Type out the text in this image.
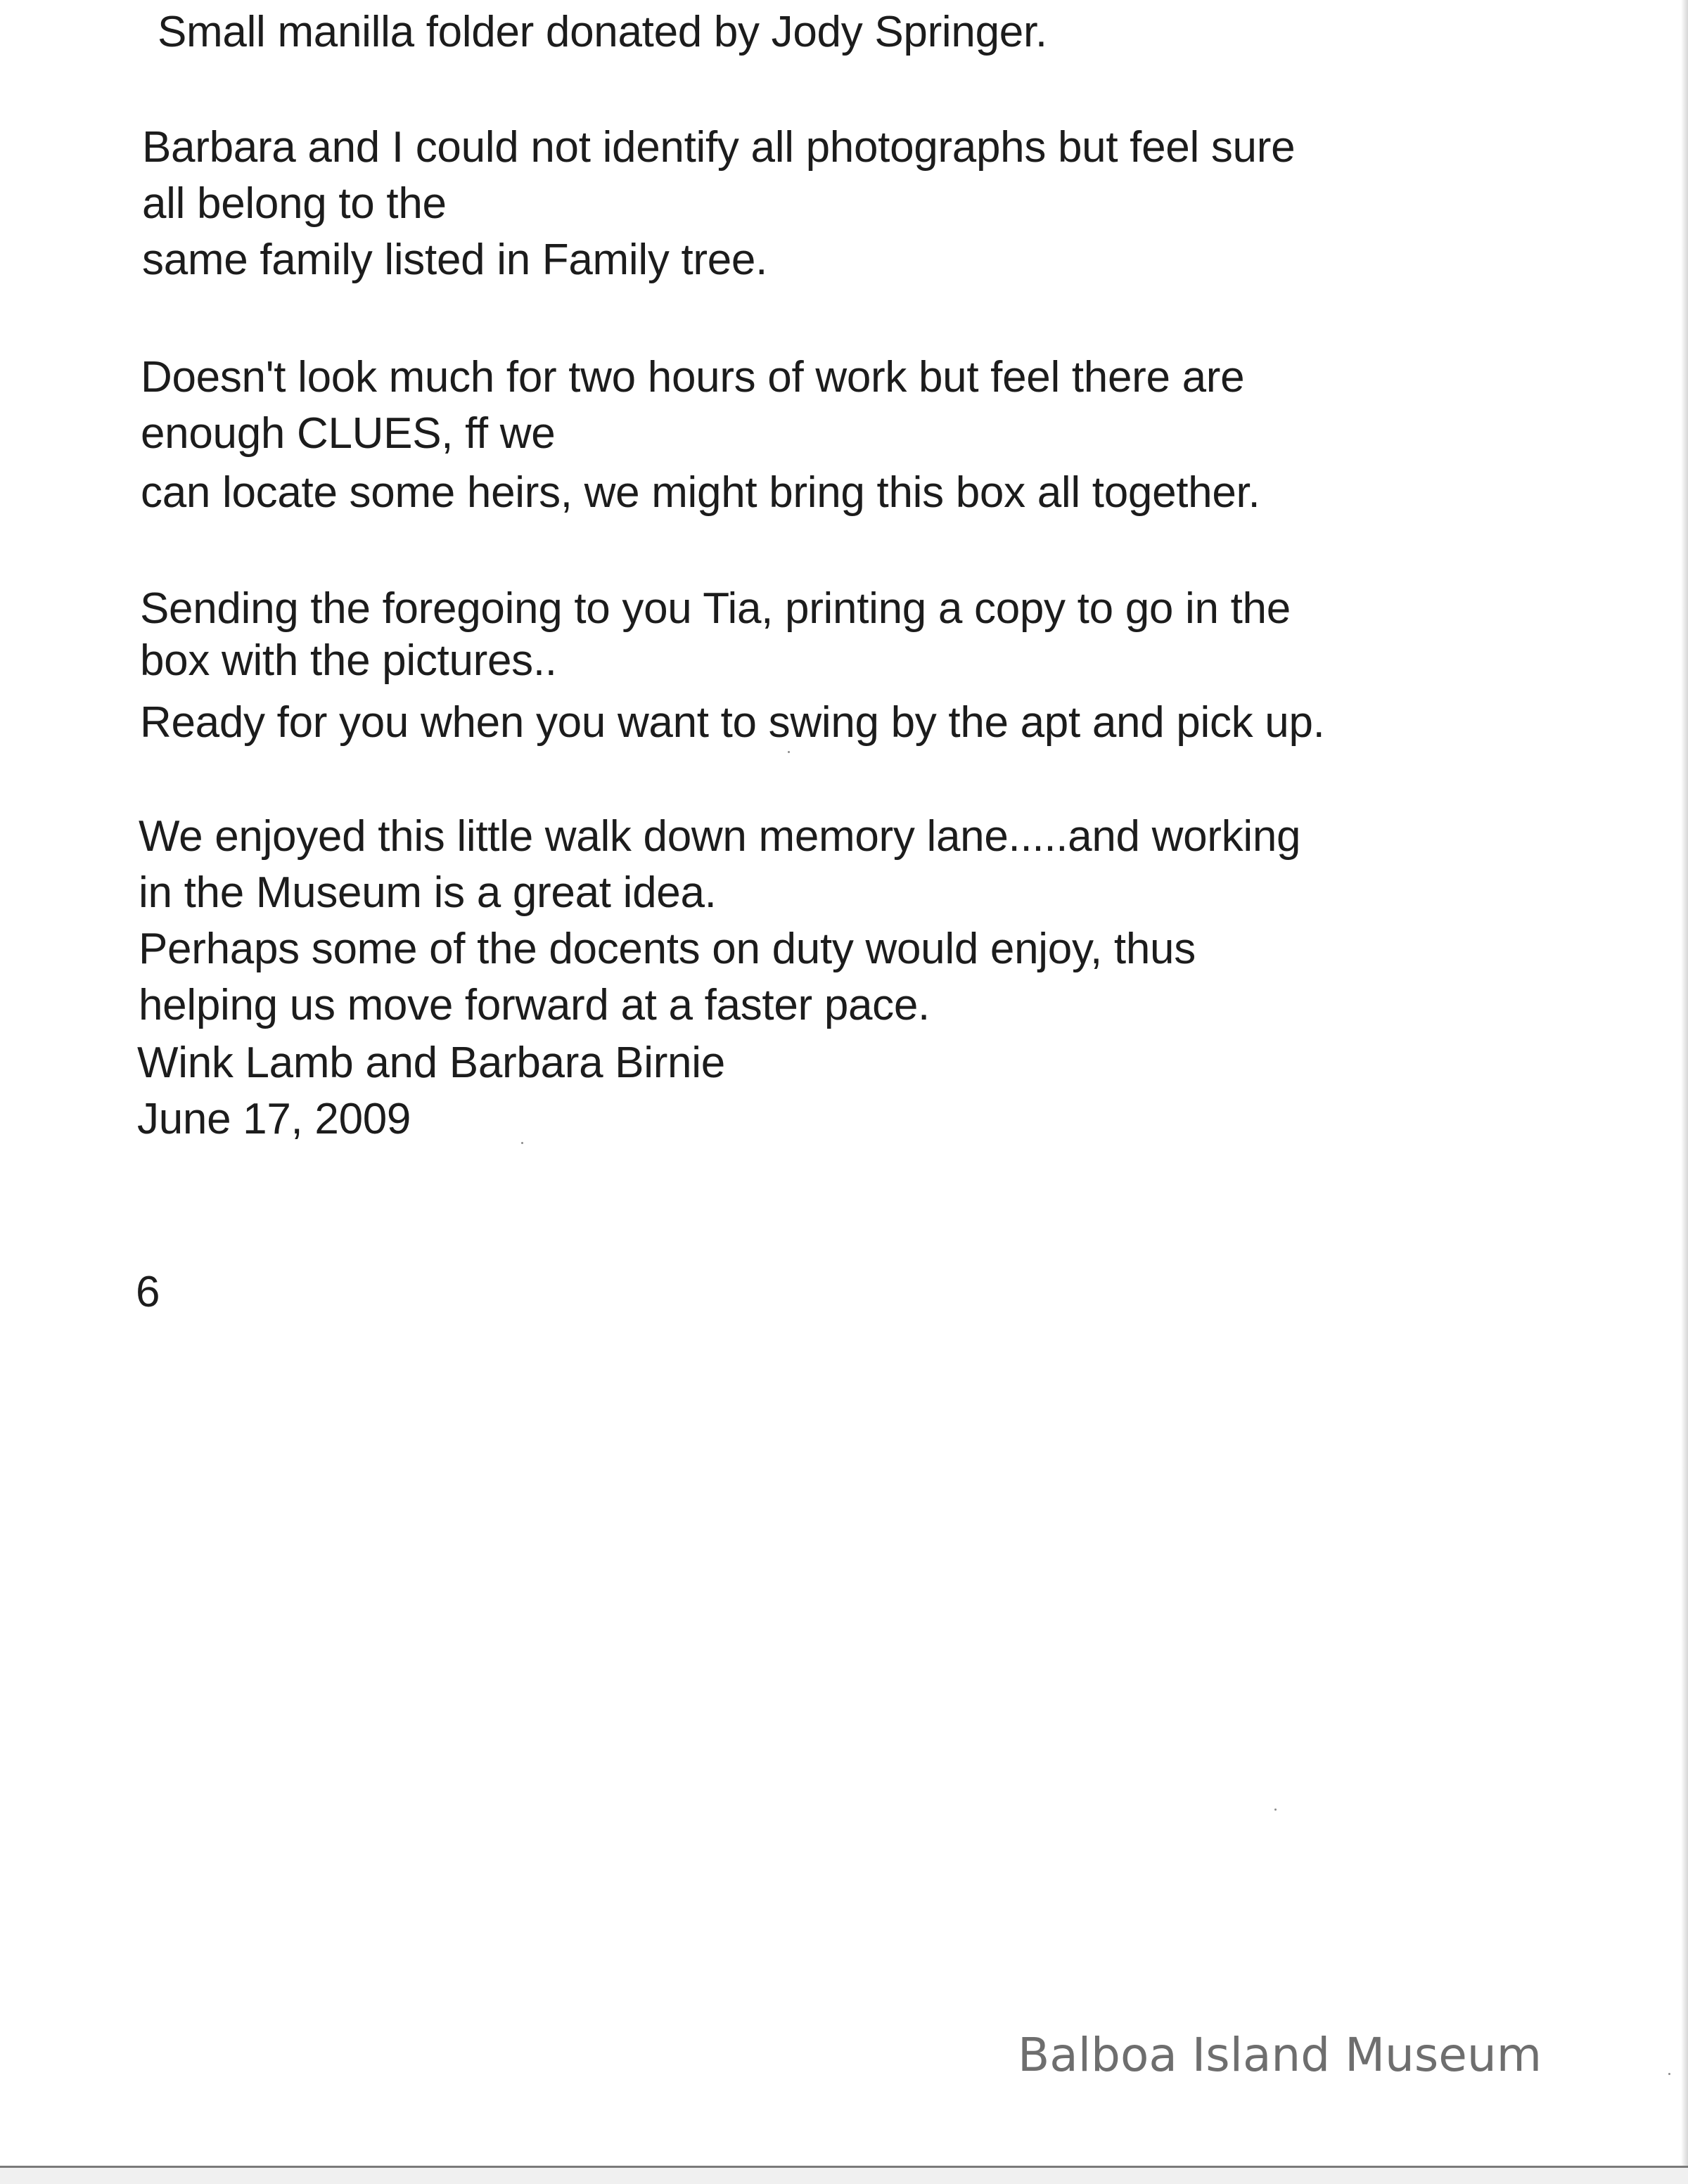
Small manilla folder donated by Jody Springer.
Barbara and I could not identify all photographs but feel sure
all belong to the
same family listed in Family tree.
Doesn't look much for two hours of work but feel there are
enough CLUES, ff we
can locate some heirs, we might bring this box all together.
Sending the foregoing to you Tia, printing a copy to go in the
box with the pictures..
Ready for you when you want to swing by the apt and pick up.
We enjoyed this little walk down memory lane.....and working
in the Museum is a great idea.
Perhaps some of the docents on duty would enjoy, thus
helping us move forward at a faster pace.
Wink Lamb and Barbara Birnie
June 17, 2009
6
Balboa Island Museum
